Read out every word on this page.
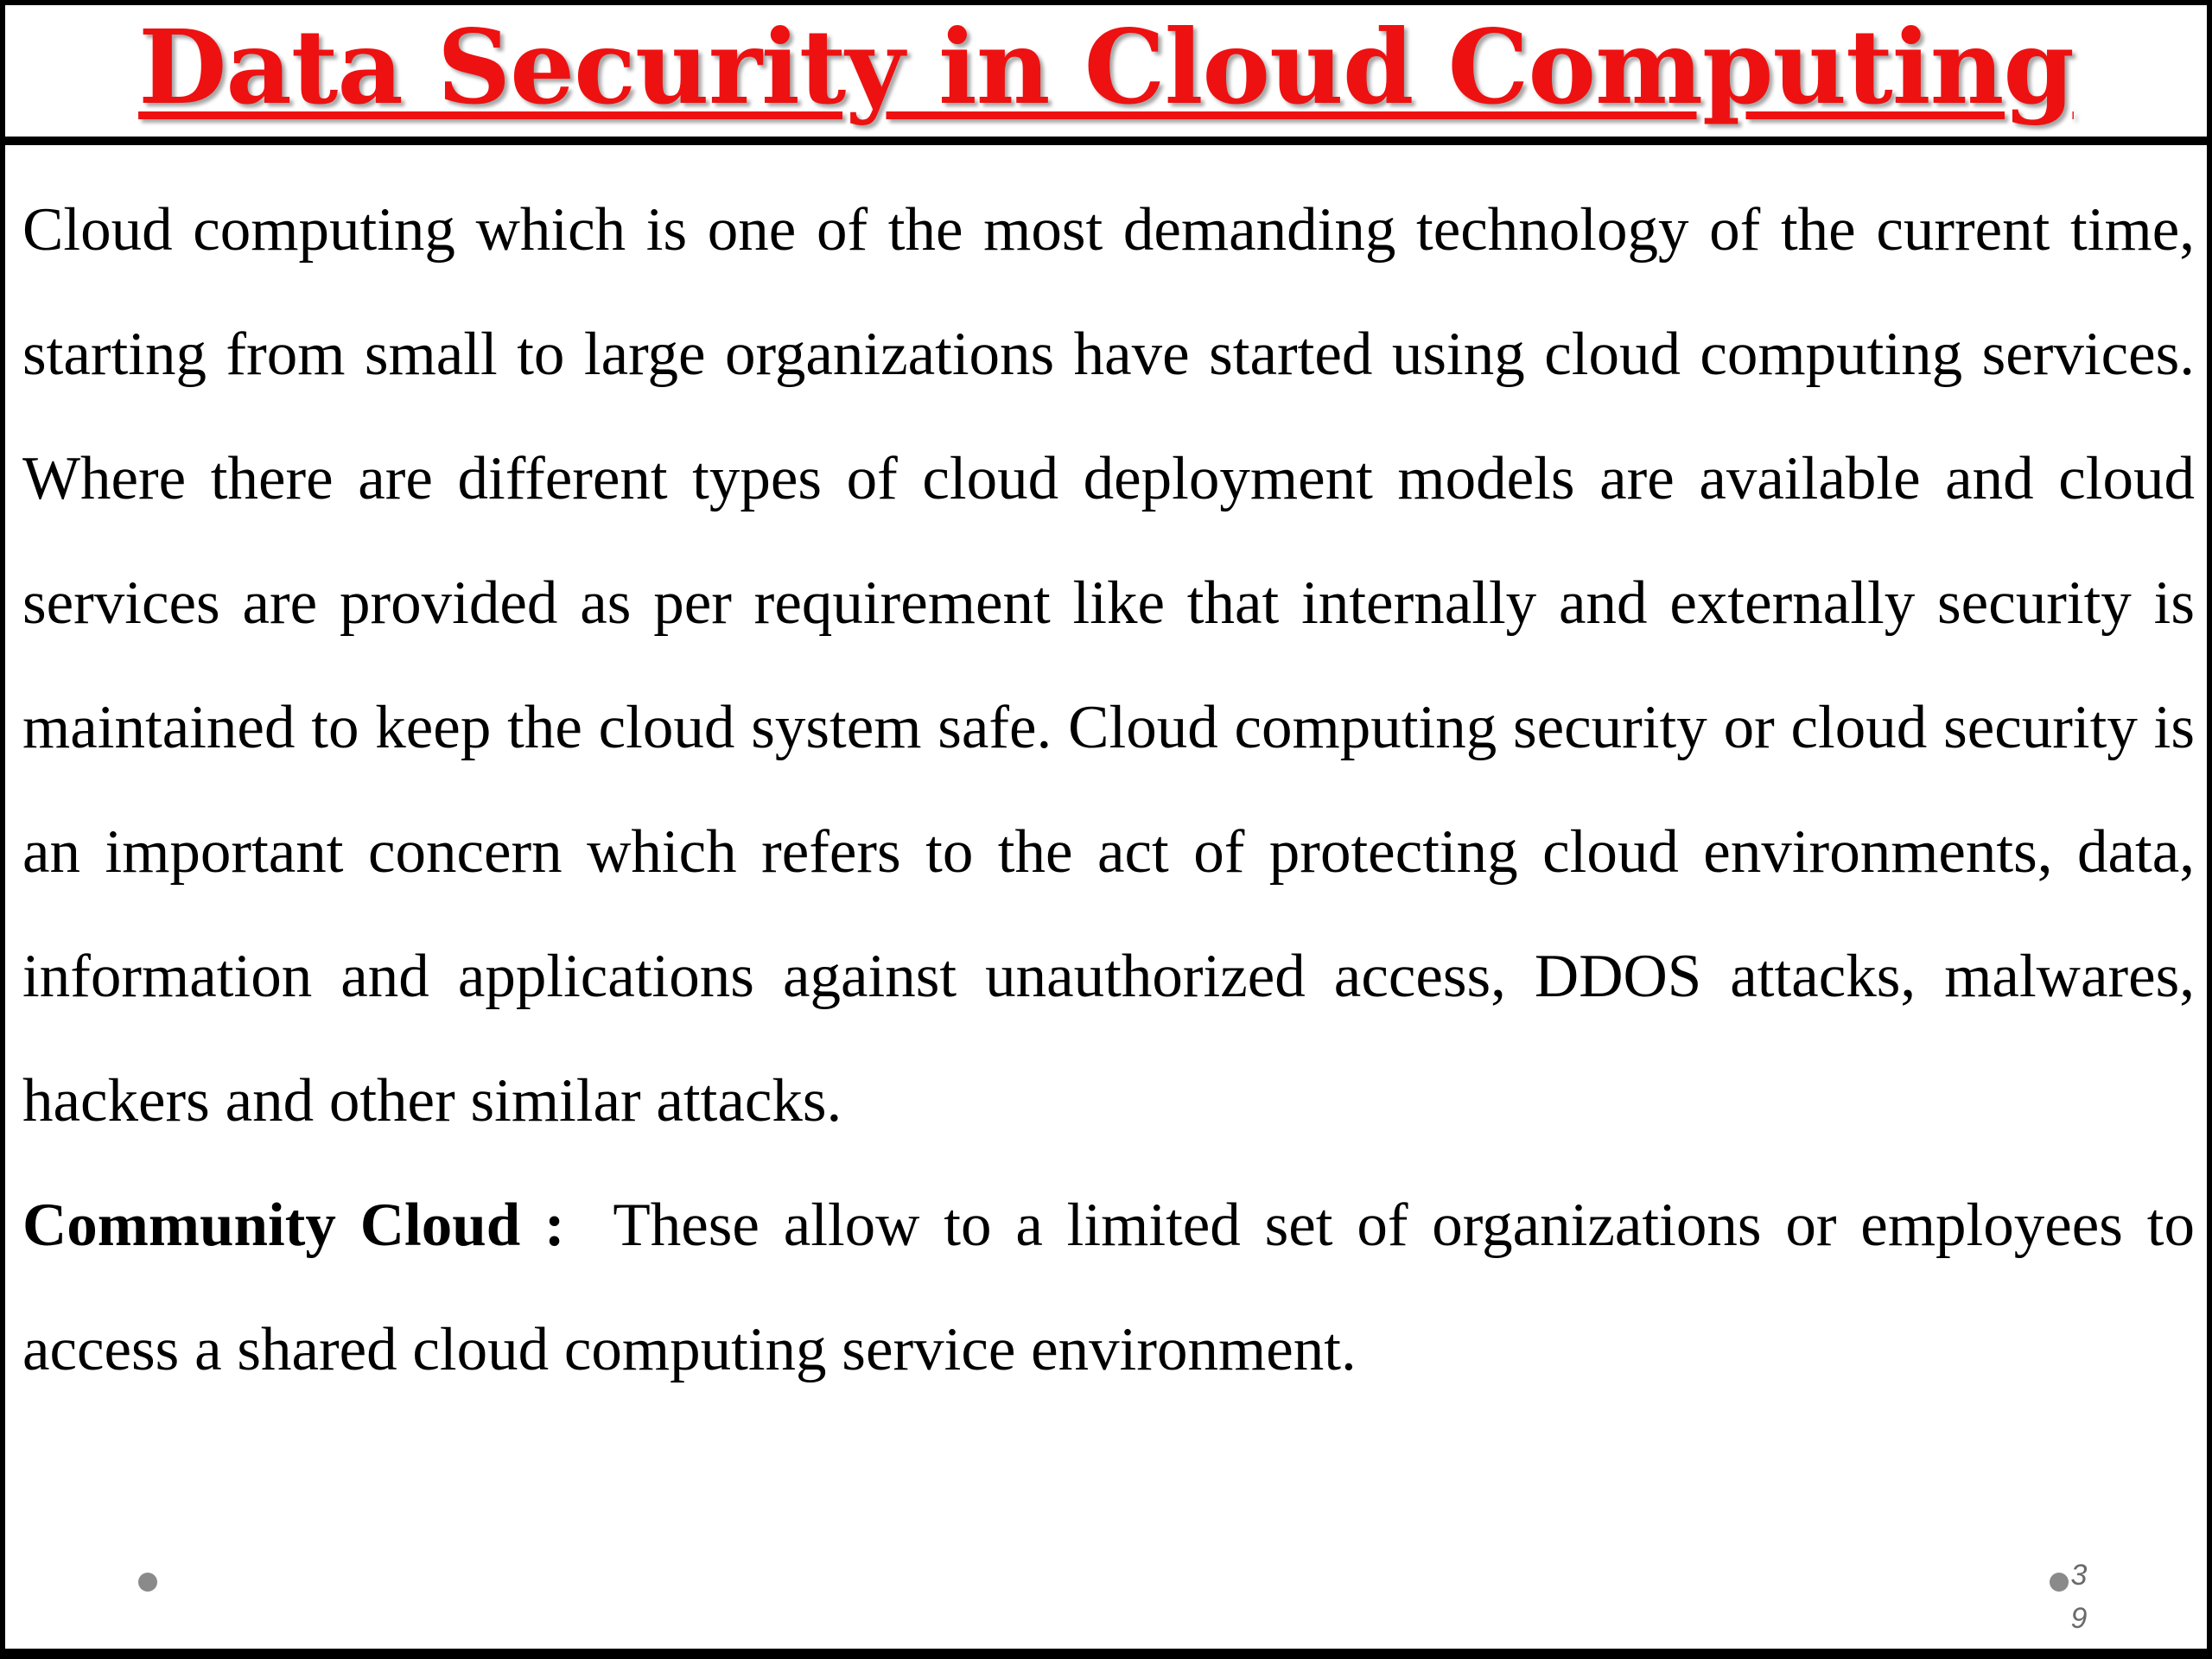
Data Security in Cloud Computing

Cloud computing which is one of the most demanding technology of the current time, starting from small to large organizations have started using cloud computing services. Where there are different types of cloud deployment models are available and cloud services are provided as per requirement like that internally and externally security is maintained to keep the cloud system safe. Cloud computing security or cloud security is an important concern which refers to the act of protecting cloud environments, data, information and applications against unauthorized access, DDOS attacks, malwares, hackers and other similar attacks.

Community Cloud : These allow to a limited set of organizations or employees to access a shared cloud computing service environment.

39
